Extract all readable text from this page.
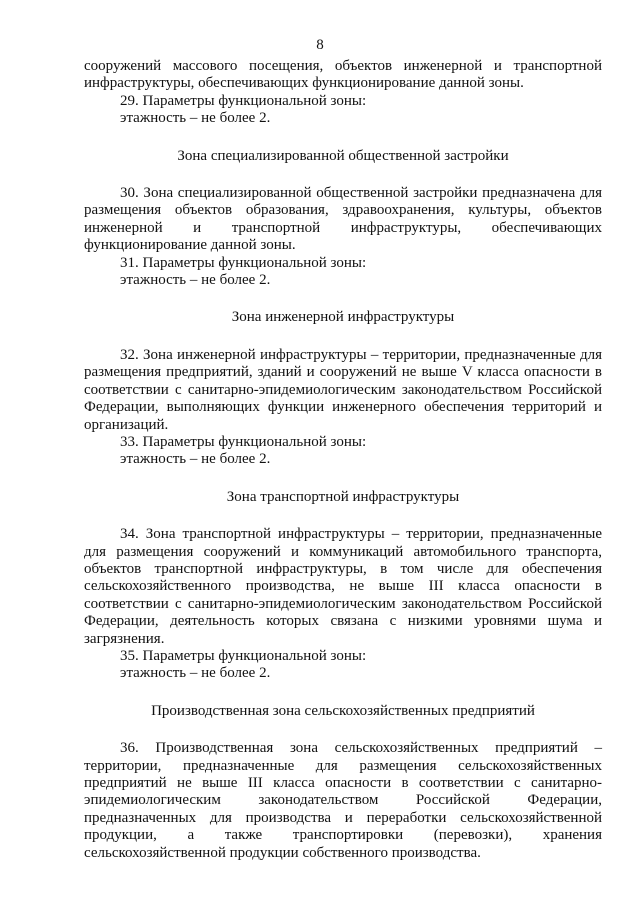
8

сооружений массового посещения, объектов инженерной и транспортной инфраструктуры, обеспечивающих функционирование данной зоны.

29. Параметры функциональной зоны:

этажность – не более 2.

Зона специализированной общественной застройки

30. Зона специализированной общественной застройки предназначена для размещения объектов образования, здравоохранения, культуры, объектов инженерной и транспортной инфраструктуры, обеспечивающих функционирование данной зоны.

31. Параметры функциональной зоны:

этажность – не более 2.

Зона инженерной инфраструктуры

32. Зона инженерной инфраструктуры – территории, предназначенные для размещения предприятий, зданий и сооружений не выше V класса опасности в соответствии с санитарно-эпидемиологическим законодательством Российской Федерации, выполняющих функции инженерного обеспечения территорий и организаций.

33. Параметры функциональной зоны:

этажность – не более 2.

Зона транспортной инфраструктуры

34. Зона транспортной инфраструктуры – территории, предназначенные для размещения сооружений и коммуникаций автомобильного транспорта, объектов транспортной инфраструктуры, в том числе для обеспечения сельскохозяйственного производства, не выше III класса опасности в соответствии с санитарно-эпидемиологическим законодательством Российской Федерации, деятельность которых связана с низкими уровнями шума и загрязнения.

35. Параметры функциональной зоны:

этажность – не более 2.

Производственная зона сельскохозяйственных предприятий

36. Производственная зона сельскохозяйственных предприятий – территории, предназначенные для размещения сельскохозяйственных предприятий не выше III класса опасности в соответствии с санитарно-эпидемиологическим законодательством Российской Федерации, предназначенных для производства и переработки сельскохозяйственной продукции, а также транспортировки (перевозки), хранения сельскохозяйственной продукции собственного производства.
